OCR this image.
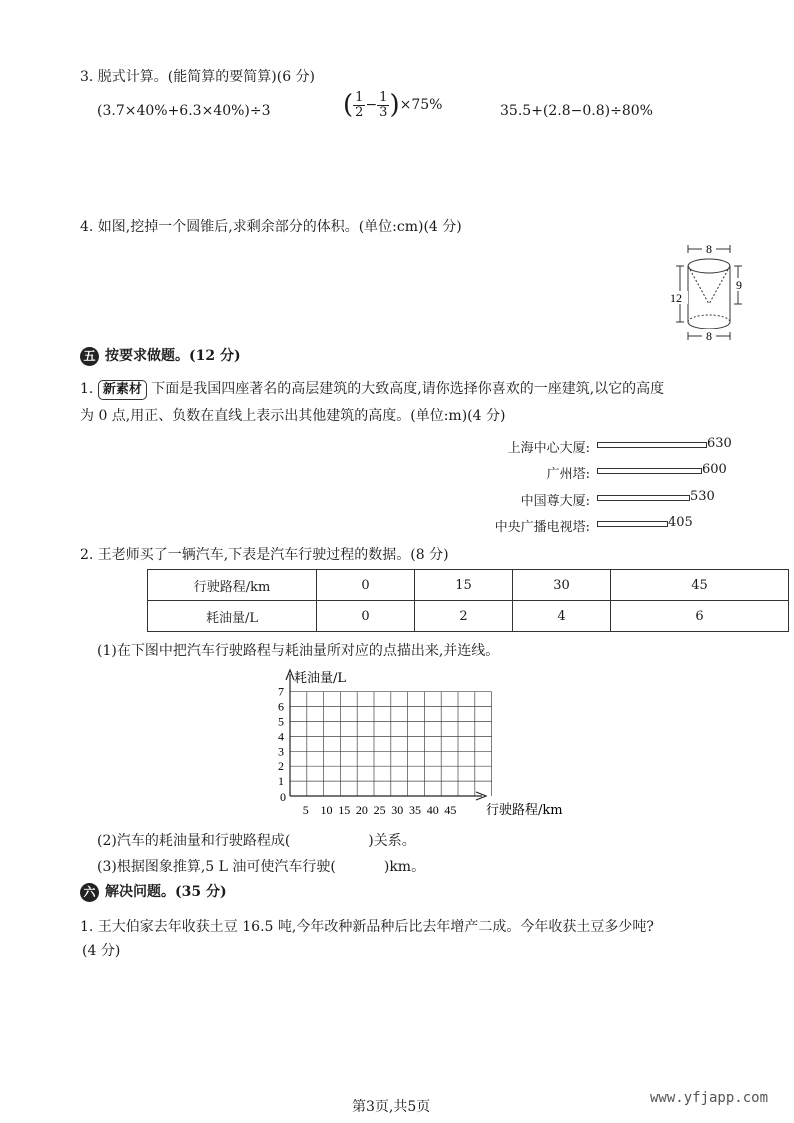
3. 脱式计算。(能简算的要简算)(6 分)
(3.7×40%+6.3×40%)÷3	( $\frac{1}{2} - \frac{1}{3} )\times 75\%$	35.5+(2.8−0.8)÷80%
4. 如图,挖掉一个圆锥后,求剩余部分的体积。(单位:cm)(4 分)
8
12
9
8
五 按要求做题。(12 分)
1. 新素材 下面是我国四座著名的高层建筑的大致高度,请你选择你喜欢的一座建筑,以它的高度
为 0 点,用正、负数在直线上表示出其他建筑的高度。(单位:m)(4 分)
上海中心大厦:	630
广州塔:	600
中国尊大厦:	530
中央广播电视塔:	405
2. 王老师买了一辆汽车,下表是汽车行驶过程的数据。(8 分)
行驶路程/km	0	15	30	45
耗油量/L	0	2	4	6
(1)在下图中把汽车行驶路程与耗油量所对应的点描出来,并连线。
耗油量/L
行驶路程/km
0
7
6
5
4
3
2
1
5 10 15 20 25 30 35 40 45
(2)汽车的耗油量和行驶路程成(	)关系。
(3)根据图象推算,5 L 油可使汽车行驶(	)km。
六 解决问题。(35 分)
1. 王大伯家去年收获土豆 16.5 吨,今年改种新品种后比去年增产二成。今年收获土豆多少吨?
(4 分)
第3页,共5页
www.yfjapp.com
